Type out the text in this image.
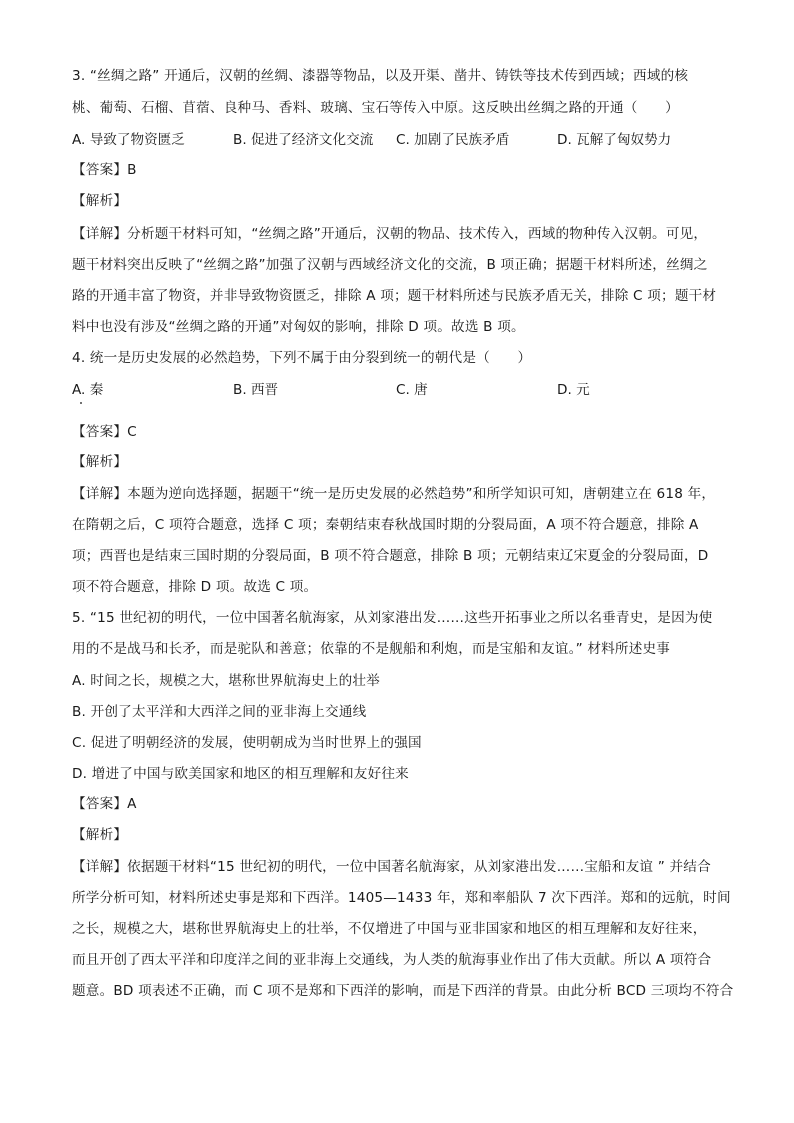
3. “丝绸之路” 开通后，汉朝的丝绸、漆器等物品，以及开渠、凿井、铸铁等技术传到西域；西域的核
桃、葡萄、石榴、苜蓿、良种马、香料、玻璃、宝石等传入中原。这反映出丝绸之路的开通（　　）
A. 导致了物资匮乏	B. 促进了经济文化交流 C. 加剧了民族矛盾	D. 瓦解了匈奴势力
【答案】B
【解析】
【详解】分析题干材料可知，“丝绸之路”开通后，汉朝的物品、技术传入，西域的物种传入汉朝。可见，
题干材料突出反映了“丝绸之路”加强了汉朝与西域经济文化的交流，B 项正确；据题干材料所述，丝绸之
路的开通丰富了物资，并非导致物资匮乏，排除 A 项；题干材料所述与民族矛盾无关，排除 C 项；题干材
料中也没有涉及“丝绸之路的开通”对匈奴的影响，排除 D 项。故选 B 项。
4. 统一是历史发展的必然趋势，下列不属于由分裂到统一的朝代是（　　）
A. 秦	B. 西晋	C. 唐	D. 元
【答案】C
【解析】
【详解】本题为逆向选择题，据题干“统一是历史发展的必然趋势”和所学知识可知，唐朝建立在 618 年，
在隋朝之后，C 项符合题意，选择 C 项；秦朝结束春秋战国时期的分裂局面，A 项不符合题意，排除 A
项；西晋也是结束三国时期的分裂局面，B 项不符合题意，排除 B 项；元朝结束辽宋夏金的分裂局面，D
项不符合题意，排除 D 项。故选 C 项。
5. “15 世纪初的明代，一位中国著名航海家，从刘家港出发……这些开拓事业之所以名垂青史，是因为使
用的不是战马和长矛，而是驼队和善意；依靠的不是舰船和利炮，而是宝船和友谊。” 材料所述史事
A. 时间之长，规模之大，堪称世界航海史上的壮举
B. 开创了太平洋和大西洋之间的亚非海上交通线
C. 促进了明朝经济的发展，使明朝成为当时世界上的强国
D. 增进了中国与欧美国家和地区的相互理解和友好往来
【答案】A
【解析】
【详解】依据题干材料“15 世纪初的明代，一位中国著名航海家，从刘家港出发……宝船和友谊 ” 并结合
所学分析可知，材料所述史事是郑和下西洋。1405—1433 年，郑和率船队 7 次下西洋。郑和的远航，时间
之长，规模之大，堪称世界航海史上的壮举，不仅增进了中国与亚非国家和地区的相互理解和友好往来，
而且开创了西太平洋和印度洋之间的亚非海上交通线，为人类的航海事业作出了伟大贡献。所以 A 项符合
题意。BD 项表述不正确，而 C 项不是郑和下西洋的影响，而是下西洋的背景。由此分析 BCD 三项均不符合
